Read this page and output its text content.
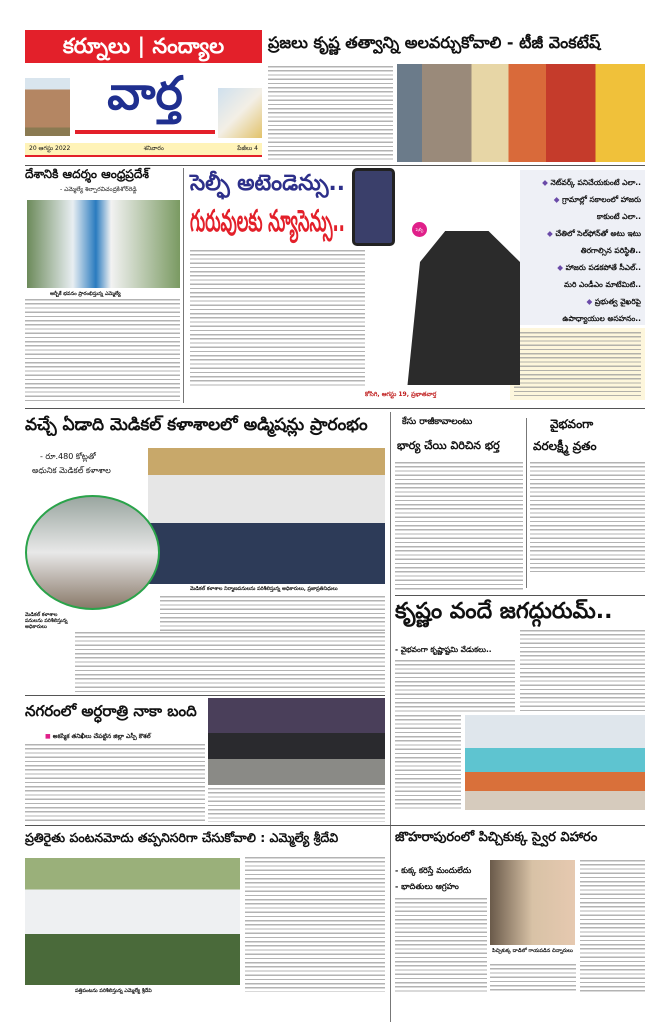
కర్నూలు | నంద్యాల
వార్త
20 ఆగస్టు 2022	శనివారం	పేజీలు 4
ప్రజలు కృష్ణ తత్వాన్ని అలవర్చుకోవాలి - టీజీ వెంకటేష్
దేశానికి ఆదర్శం ఆంధ్రప్రదేశ్
- ఎమ్మెల్యే శిల్పారవిచంద్రకిశోర్‌రెడ్డి
ఆర్బీకే భవనం ప్రారంభిస్తున్న ఎమ్మెల్యే
సెల్ఫీ అటెండెన్సు..
గురువులకు న్యూసెన్సు..	షెల్ఫీ
కోసిగి, ఆగస్టు 19, ప్రభాతవార్త
◆ నెట్‌వర్క్ పనిచేయకుంటే ఎలా..
◆ గ్రామాల్లో సకాలంలో హాజరు
కాకుంటే ఎలా..
◆ చేతిలో సెల్‌ఫోన్‌తో అటు ఇటు
తిరగాల్సిన పరిస్థితి..
◆ హాజరు పడకపోతే సీఎల్..
మరి ఎండీఎం మాటేమిటి..
◆ ప్రభుత్వ వైఖరిపై
ఉపాధ్యాయుల అసహనం..
వచ్చే ఏడాది మెడికల్ కళాశాలలో అడ్మిషన్లు ప్రారంభం
- రూ.480 కోట్లతో
అధునిక మెడికల్ కళాశాల
మెడికల్ కళాశాల నిర్మాణపనులను పరిశీలిస్తున్న అధికారులు, ప్రజాప్రతినిధులు
మెడికల్ కళాశాల పనులను పరిశీలిస్తున్న అధికారులు
కేసు రాజీకావాలంటు
భార్య చేయి విరిచిన భర్త
వైభవంగా
వరలక్ష్మీ వ్రతం
కృష్ణం వందే జగద్గురుమ్..
- వైభవంగా కృష్ణాష్టమి వేడుకలు..
నగరంలో అర్ధరాత్రి నాకా బంది
■ అకస్మిక తనిఖీలు చేపట్టిన జిల్లా ఎస్పీ కౌశల్
ప్రతిరైతు పంటనమోదు తప్పనిసరిగా చేసుకోవాలి : ఎమ్మెల్యే శ్రీదేవి
పత్తిపంటను పరిశీలిస్తున్న ఎమ్మెల్యే శ్రీదేవి
జొహరాపురంలో పిచ్చికుక్క స్వైర విహారం
- కుక్క కరిస్తే మందులేదు
- భాదితులు ఆగ్రహం
పిచ్చికుక్క దాడిలో గాయపడిన చిన్నారులు
